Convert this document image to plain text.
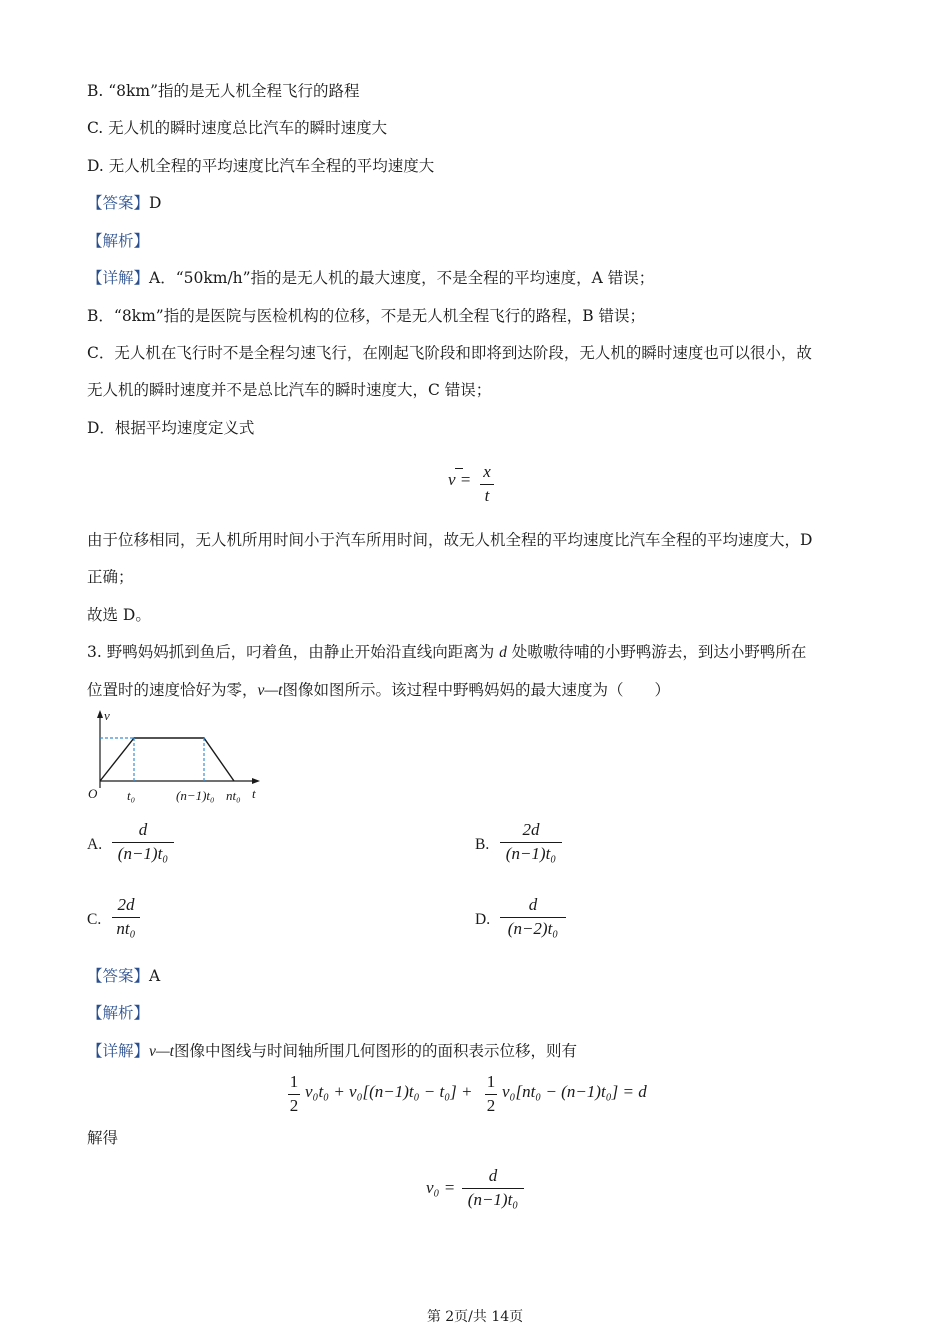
B. “8km”指的是无人机全程飞行的路程
C. 无人机的瞬时速度总比汽车的瞬时速度大
D. 无人机全程的平均速度比汽车全程的平均速度大
【答案】D
【解析】
【详解】A．“50km/h”指的是无人机的最大速度，不是全程的平均速度，A 错误；
B．“8km”指的是医院与医检机构的位移，不是无人机全程飞行的路程，B 错误；
C．无人机在飞行时不是全程匀速飞行，在刚起飞阶段和即将到达阶段，无人机的瞬时速度也可以很小，故
无人机的瞬时速度并不是总比汽车的瞬时速度大，C 错误；
D．根据平均速度定义式
v = x
t
由于位移相同，无人机所用时间小于汽车所用时间，故无人机全程的平均速度比汽车全程的平均速度大，D
正确；
故选 D。
3. 野鸭妈妈抓到鱼后，叼着鱼，由静止开始沿直线向距离为 d 处嗷嗷待哺的小野鸭游去，到达小野鸭所在
位置时的速度恰好为零，v—t图像如图所示。该过程中野鸭妈妈的最大速度为（　　）
v
t
O t₀	(n−1)t₀ nt₀
A.
d
(n−1)t₀	B.
2d
(n−1)t₀
C.
2d
nt₀	D.
d
(n−2)t₀
【答案】A
【解析】
【详解】v—t图像中图线与时间轴所围几何图形的的面积表示位移，则有
1
2
v₀t₀ + v₀[(n−1)t₀ − t₀] +
1
2
v₀[nt₀ − (n−1)t₀] = d
解得
v₀ =
d
(n−1)t₀
第 2页/共 14页
